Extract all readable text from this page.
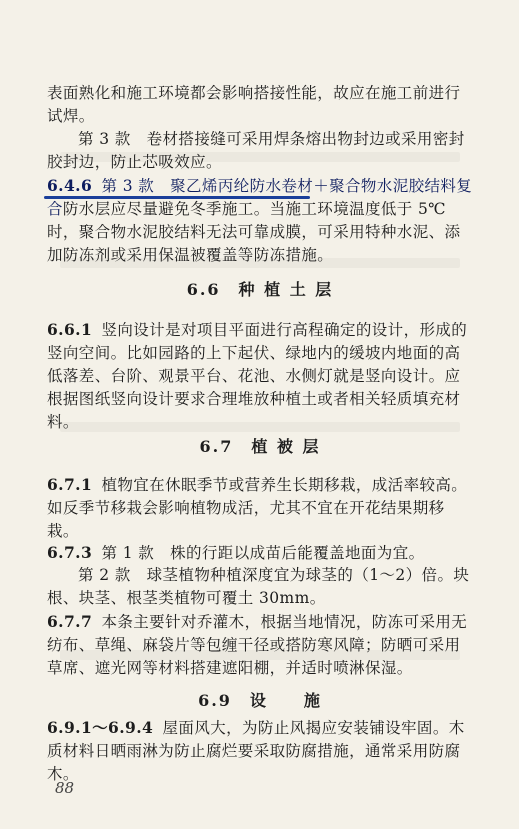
表面熟化和施工环境都会影响搭接性能，故应在施工前进行试焊。

第 3 款　卷材搭接缝可采用焊条熔出物封边或采用密封胶封边，防止芯吸效应。

6.4.6 第 3 款　聚乙烯丙纶防水卷材＋聚合物水泥胶结料复合防水层应尽量避免冬季施工。当施工环境温度低于 5℃时，聚合物水泥胶结料无法可靠成膜，可采用特种水泥、添加防冻剂或采用保温被覆盖等防冻措施。

6.6　种 植 土 层

6.6.1 竖向设计是对项目平面进行高程确定的设计，形成的竖向空间。比如园路的上下起伏、绿地内的缓坡内地面的高低落差、台阶、观景平台、花池、水侧灯就是竖向设计。应根据图纸竖向设计要求合理堆放种植土或者相关轻质填充材料。

6.7　植 被 层

6.7.1 植物宜在休眠季节或营养生长期移栽，成活率较高。如反季节移栽会影响植物成活，尤其不宜在开花结果期移栽。

6.7.3 第 1 款　株的行距以成苗后能覆盖地面为宜。

第 2 款　球茎植物种植深度宜为球茎的（1～2）倍。块根、块茎、根茎类植物可覆土 30mm。

6.7.7 本条主要针对乔灌木，根据当地情况，防冻可采用无纺布、草绳、麻袋片等包缠干径或搭防寒风障；防晒可采用草席、遮光网等材料搭建遮阳棚，并适时喷淋保湿。

6.9　设　　施

6.9.1～6.9.4 屋面风大，为防止风揭应安装铺设牢固。木质材料日晒雨淋为防止腐烂要采取防腐措施，通常采用防腐木。

88
